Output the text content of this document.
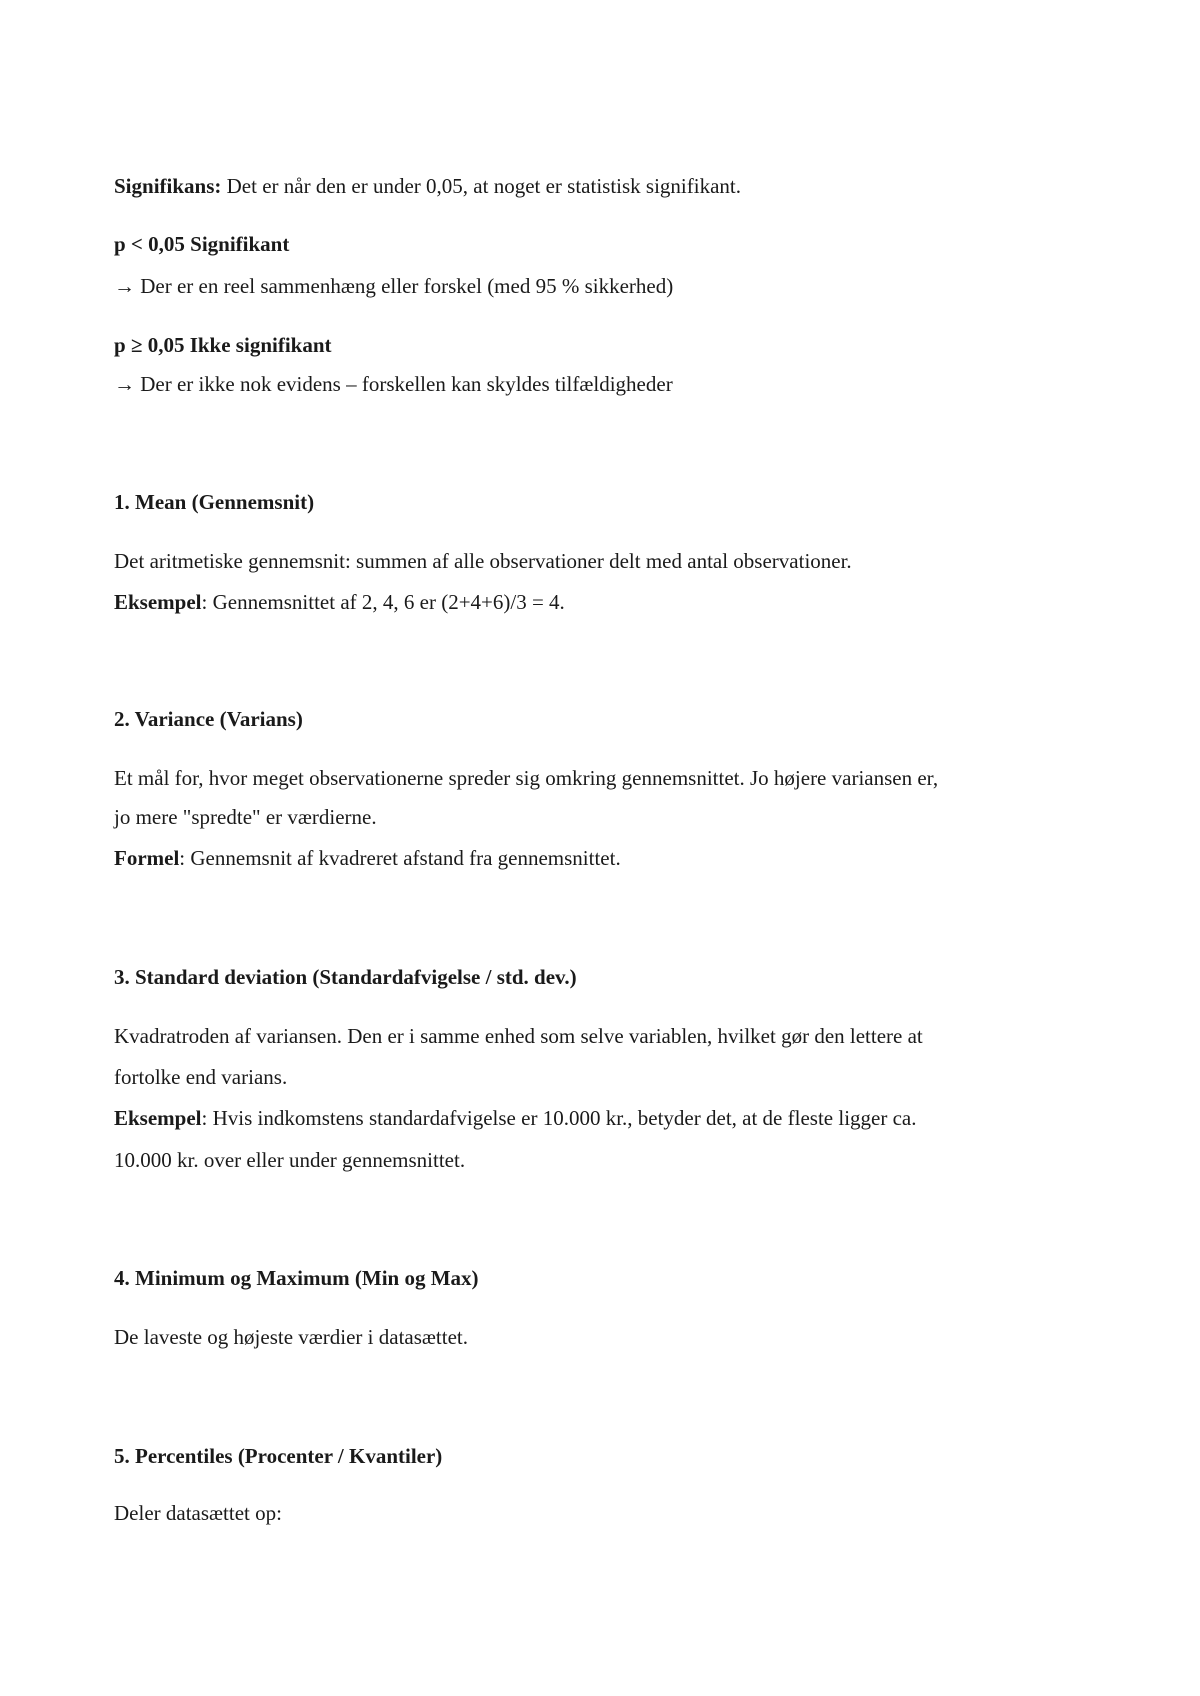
Signifikans: Det er når den er under 0,05, at noget er statistisk signifikant.
p < 0,05 Signifikant
→ Der er en reel sammenhæng eller forskel (med 95 % sikkerhed)
p ≥ 0,05 Ikke signifikant
→ Der er ikke nok evidens – forskellen kan skyldes tilfældigheder
1. Mean (Gennemsnit)
Det aritmetiske gennemsnit: summen af alle observationer delt med antal observationer.
Eksempel: Gennemsnittet af 2, 4, 6 er (2+4+6)/3 = 4.
2. Variance (Varians)
Et mål for, hvor meget observationerne spreder sig omkring gennemsnittet. Jo højere variansen er,
jo mere "spredte" er værdierne.
Formel: Gennemsnit af kvadreret afstand fra gennemsnittet.
3. Standard deviation (Standardafvigelse / std. dev.)
Kvadratroden af variansen. Den er i samme enhed som selve variablen, hvilket gør den lettere at
fortolke end varians.
Eksempel: Hvis indkomstens standardafvigelse er 10.000 kr., betyder det, at de fleste ligger ca.
10.000 kr. over eller under gennemsnittet.
4. Minimum og Maximum (Min og Max)
De laveste og højeste værdier i datasættet.
5. Percentiles (Procenter / Kvantiler)
Deler datasættet op:
